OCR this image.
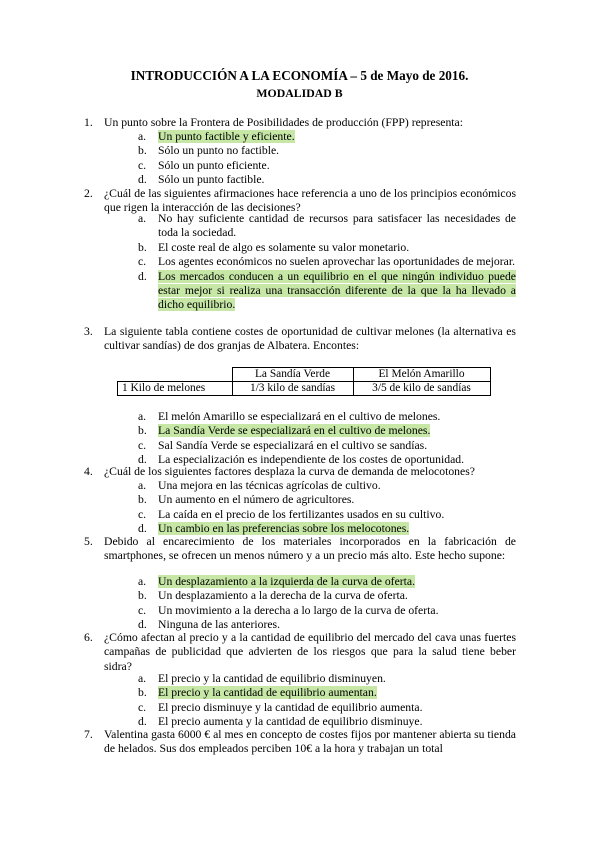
INTRODUCCIÓN A LA ECONOMÍA – 5 de Mayo de 2016.
MODALIDAD B
1. Un punto sobre la Frontera de Posibilidades de producción (FPP) representa:
a. Un punto factible y eficiente.
b. Sólo un punto no factible.
c. Sólo un punto eficiente.
d. Sólo un punto factible.
2. ¿Cuál de las siguientes afirmaciones hace referencia a uno de los principios económicos que rigen la interacción de las decisiones?
a. No hay suficiente cantidad de recursos para satisfacer las necesidades de toda la sociedad.
b. El coste real de algo es solamente su valor monetario.
c. Los agentes económicos no suelen aprovechar las oportunidades de mejorar.
d. Los mercados conducen a un equilibrio en el que ningún individuo puede estar mejor si realiza una transacción diferente de la que la ha llevado a dicho equilibrio.
3. La siguiente tabla contiene costes de oportunidad de cultivar melones (la alternativa es cultivar sandías) de dos granjas de Albatera. Encontes:
	La Sandía Verde	El Melón Amarillo
1 Kilo de melones	1/3 kilo de sandías	3/5 de kilo de sandías
a. El melón Amarillo se especializará en el cultivo de melones.
b. La Sandía Verde se especializará en el cultivo de melones.
c. Sal Sandía Verde se especializará en el cultivo se sandías.
d. La especialización es independiente de los costes de oportunidad.
4. ¿Cuál de los siguientes factores desplaza la curva de demanda de melocotones?
a. Una mejora en las técnicas agrícolas de cultivo.
b. Un aumento en el número de agricultores.
c. La caída en el precio de los fertilizantes usados en su cultivo.
d. Un cambio en las preferencias sobre los melocotones.
5. Debido al encarecimiento de los materiales incorporados en la fabricación de smartphones, se ofrecen un menos número y a un precio más alto. Este hecho supone:
a. Un desplazamiento a la izquierda de la curva de oferta.
b. Un desplazamiento a la derecha de la curva de oferta.
c. Un movimiento a la derecha a lo largo de la curva de oferta.
d. Ninguna de las anteriores.
6. ¿Cómo afectan al precio y a la cantidad de equilibrio del mercado del cava unas fuertes campañas de publicidad que advierten de los riesgos que para la salud tiene beber sidra?
a. El precio y la cantidad de equilibrio disminuyen.
b. El precio y la cantidad de equilibrio aumentan.
c. El precio disminuye y la cantidad de equilibrio aumenta.
d. El precio aumenta y la cantidad de equilibrio disminuye.
7. Valentina gasta 6000 € al mes en concepto de costes fijos por mantener abierta su tienda de helados. Sus dos empleados perciben 10€ a la hora y trabajan un total
